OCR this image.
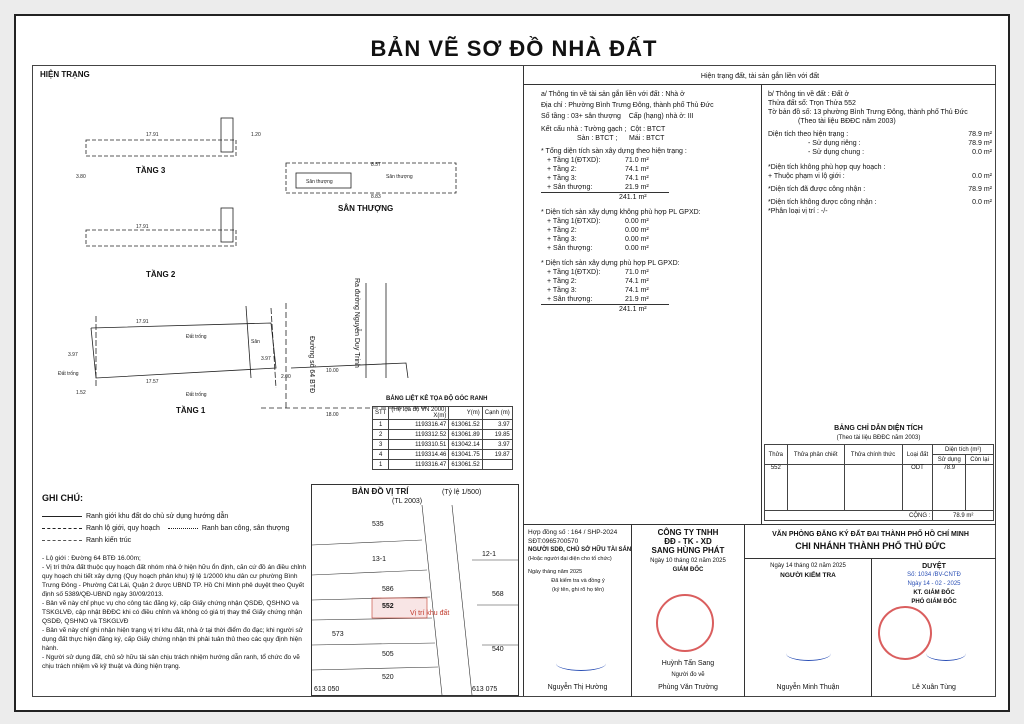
BẢN VẼ SƠ ĐỒ NHÀ ĐẤT
HIỆN TRẠNG
17.91
17.91
17.91
17.57
10.00
18.00
8.57
8.83
Đất trống
Đất trống
Đất trống
Sân
3.97
1.52
1.20
3.80
Sân thượng
Sân thượng
3.97
2.00
TẦNG 3
SÂN THƯỢNG
TẦNG 2
TẦNG 1
Đường số 64 BTĐ	Ra đường Nguyễn Duy Trinh
BẢNG LIỆT KÊ TỌA ĐỘ GÓC RANH
STT	(Hệ tọa độ VN 2000)
X(m)	Y(m)	Cạnh (m)
1	1193316.47	613061.52	3.97
2	1193312.52	613061.89	19.85
3	1193310.51	613042.14	3.97
4	1193314.46	613041.75	19.87
1	1193316.47	613061.52	
BẢN ĐỒ VỊ TRÍ	(Tỷ lệ 1/500)
(TL 2003)
535
13-1
586
552
573
505
520
12-1
568
540
Vị trí khu đất
613 050	613 075
GHI CHÚ:
Ranh giới khu đất do chủ sử dụng hướng dẫn
Ranh lộ giới, quy hoạch	Ranh ban công, sân thượng
Ranh kiến trúc
- Lộ giới : Đường 64 BTĐ 16.00m;
- Vị trí thửa đất thuộc quy hoạch đất nhóm nhà ở hiện hữu ổn định, căn cứ đồ án điều chỉnh quy hoạch chi tiết xây dựng (Quy hoạch phân khu) tỷ lệ 1/2000 khu dân cư phường Bình Trưng Đông - Phường Cát Lái, Quận 2 được UBND TP. Hồ Chí Minh phê duyệt theo Quyết định số 5389/QĐ-UBND ngày 30/09/2013.
- Bản vẽ này chỉ phục vụ cho công tác đăng ký, cấp Giấy chứng nhận QSDĐ, QSHNO và TSKGLVĐ, cập nhật BĐĐC khi có điều chỉnh và không có giá trị thay thế Giấy chứng nhận QSDĐ, QSHNO và TSKGLVĐ
- Bản vẽ này chỉ ghi nhận hiện trạng vị trí khu đất, nhà ở tại thời điểm đo đạc; khi người sử dụng đất thực hiện đăng ký, cấp Giấy chứng nhận thì phải tuân thủ theo các quy định hiện hành.
- Người sử dụng đất, chủ sở hữu tài sản chịu trách nhiệm hướng dẫn ranh, tổ chức đo vẽ chịu trách nhiệm về kỹ thuật và đúng hiện trạng.
Hiện trạng đất, tài sản gắn liền với đất
a/ Thông tin về tài sản gắn liền với đất : Nhà ở
Địa chỉ : Phường Bình Trưng Đông, thành phố Thủ Đức
Số tầng : 03+ sân thượng Cấp (hạng) nhà ở: III
Kết cấu nhà : Tường gạch ; Cột : BTCT
Sàn : BTCT ; Mái : BTCT
* Tổng diện tích sàn xây dựng theo hiện trạng :
+ Tầng 1(ĐTXD):	71.0 m²
+ Tầng 2:	74.1 m²
+ Tầng 3:	74.1 m²
+ Sân thượng:	21.9 m²
241.1 m²
* Diện tích sàn xây dựng không phù hợp PL GPXD:
+ Tầng 1(ĐTXD):	0.00 m²
+ Tầng 2:	0.00 m²
+ Tầng 3:	0.00 m²
+ Sân thượng:	0.00 m²
* Diện tích sàn xây dựng phù hợp PL GPXD:
+ Tầng 1(ĐTXD):	71.0 m²
+ Tầng 2:	74.1 m²
+ Tầng 3:	74.1 m²
+ Sân thượng:	21.9 m²
241.1 m²
b/ Thông tin về đất : Đất ở
Thửa đất số: Trọn Thửa 552
Tờ bản đồ số: 13 phường Bình Trưng Đông, thành phố Thủ Đức
(Theo tài liệu BĐĐC năm 2003)
Diện tích theo hiện trạng :	78.9 m²
- Sử dụng riêng :	78.9 m²
- Sử dụng chung :	0.0 m²
*Diện tích không phù hợp quy hoạch :
+ Thuộc phạm vi lộ giới :	0.0 m²
*Diện tích đã được công nhận :	78.9 m²
*Diện tích không được công nhận :	0.0 m²
*Phân loại vị trí : -/-
BẢNG CHỈ DẪN DIỆN TÍCH
(Theo tài liệu BĐĐC năm 2003)
Thửa	Thửa phân chiết	Thửa chính thức	Loại đất	Diện tích (m²)	
				Sử dụng	Còn lại
552			ODT	78.9	
CỘNG :				78.9 m²	
Hợp đồng số : 164 / SHP-2024
SĐT:0965700570
NGƯỜI SDĐ, CHỦ SỞ HỮU TÀI SẢN
(Hoặc người đại diện cho tổ chức)
Ngày tháng năm 2025
Đã kiểm tra và đồng ý
(ký tên, ghi rõ họ tên)
Nguyễn Thị Hường
CÔNG TY TNHH
ĐĐ - TK - XD
SANG HÙNG PHÁT
Ngày 10 tháng 02 năm 2025
GIÁM ĐỐC
Huỳnh Tấn Sang
Người đo vẽ
Phùng Văn Trường
VĂN PHÒNG ĐĂNG KÝ ĐẤT ĐAI THÀNH PHỐ HỒ CHÍ MINH
CHI NHÁNH THÀNH PHỐ THỦ ĐỨC
Ngày 14 tháng 02 năm 2025
NGƯỜI KIỂM TRA
Nguyễn Minh Thuận
DUYỆT
Số: 1034 /BV-CNTĐ
Ngày 14 - 02 - 2025
KT. GIÁM ĐỐC
PHÓ GIÁM ĐỐC
Lê Xuân Tùng
